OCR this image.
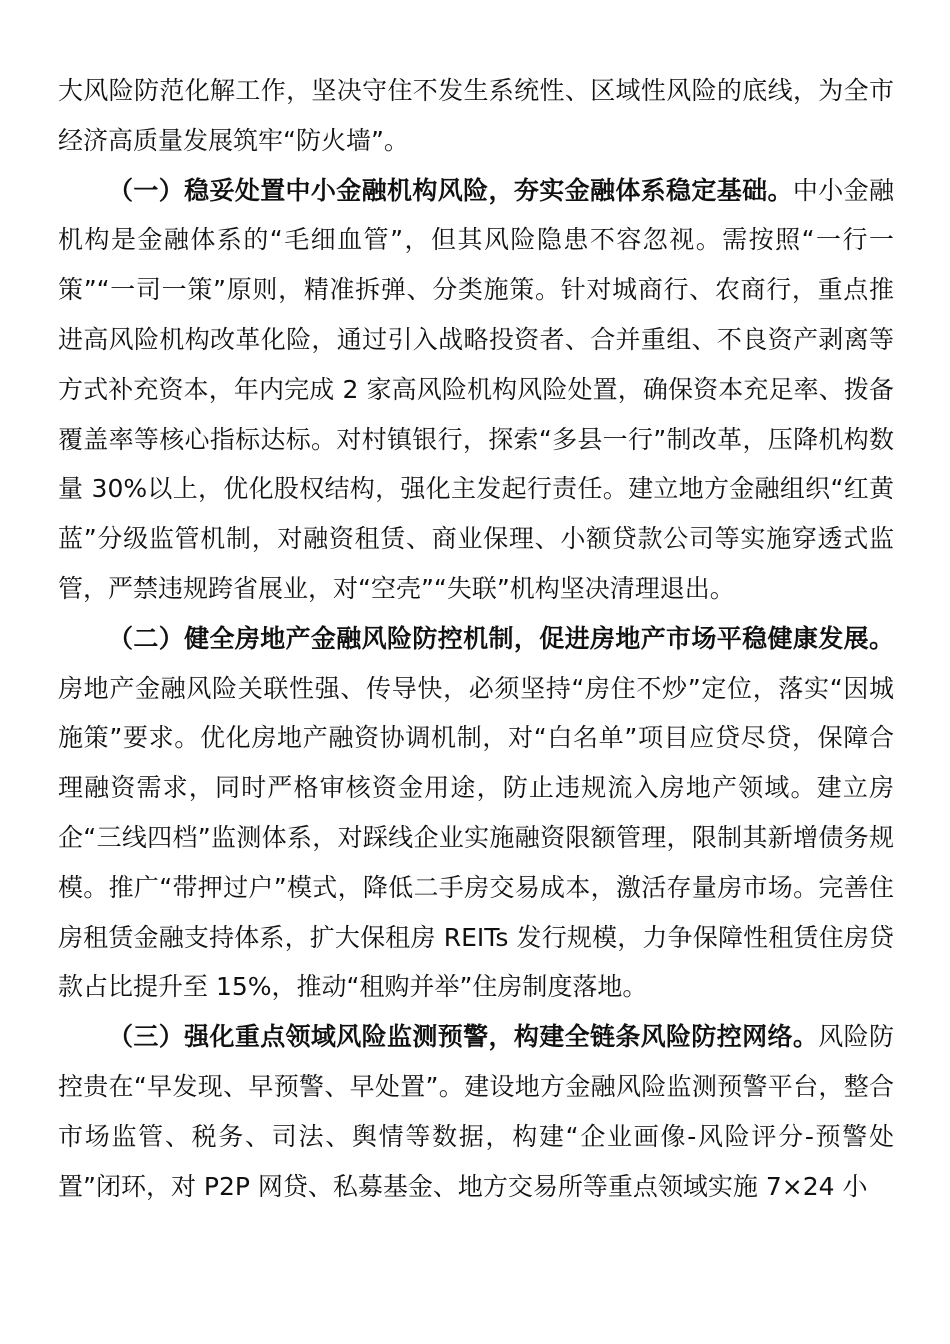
大风险防范化解工作，坚决守住不发生系统性、区域性风险的底线，为全市经济高质量发展筑牢“防火墙”。

（一）稳妥处置中小金融机构风险，夯实金融体系稳定基础。中小金融机构是金融体系的“毛细血管”，但其风险隐患不容忽视。需按照“一行一策”“一司一策”原则，精准拆弹、分类施策。针对城商行、农商行，重点推进高风险机构改革化险，通过引入战略投资者、合并重组、不良资产剥离等方式补充资本，年内完成 2 家高风险机构风险处置，确保资本充足率、拨备覆盖率等核心指标达标。对村镇银行，探索“多县一行”制改革，压降机构数量 30%以上，优化股权结构，强化主发起行责任。建立地方金融组织“红黄蓝”分级监管机制，对融资租赁、商业保理、小额贷款公司等实施穿透式监管，严禁违规跨省展业，对“空壳”“失联”机构坚决清理退出。

（二）健全房地产金融风险防控机制，促进房地产市场平稳健康发展。房地产金融风险关联性强、传导快，必须坚持“房住不炒”定位，落实“因城施策”要求。优化房地产融资协调机制，对“白名单”项目应贷尽贷，保障合理融资需求，同时严格审核资金用途，防止违规流入房地产领域。建立房企“三线四档”监测体系，对踩线企业实施融资限额管理，限制其新增债务规模。推广“带押过户”模式，降低二手房交易成本，激活存量房市场。完善住房租赁金融支持体系，扩大保租房 REITs 发行规模，力争保障性租赁住房贷款占比提升至 15%，推动“租购并举”住房制度落地。

（三）强化重点领域风险监测预警，构建全链条风险防控网络。风险防控贵在“早发现、早预警、早处置”。建设地方金融风险监测预警平台，整合市场监管、税务、司法、舆情等数据，构建“企业画像-风险评分-预警处置”闭环，对 P2P 网贷、私募基金、地方交易所等重点领域实施 7×24 小
